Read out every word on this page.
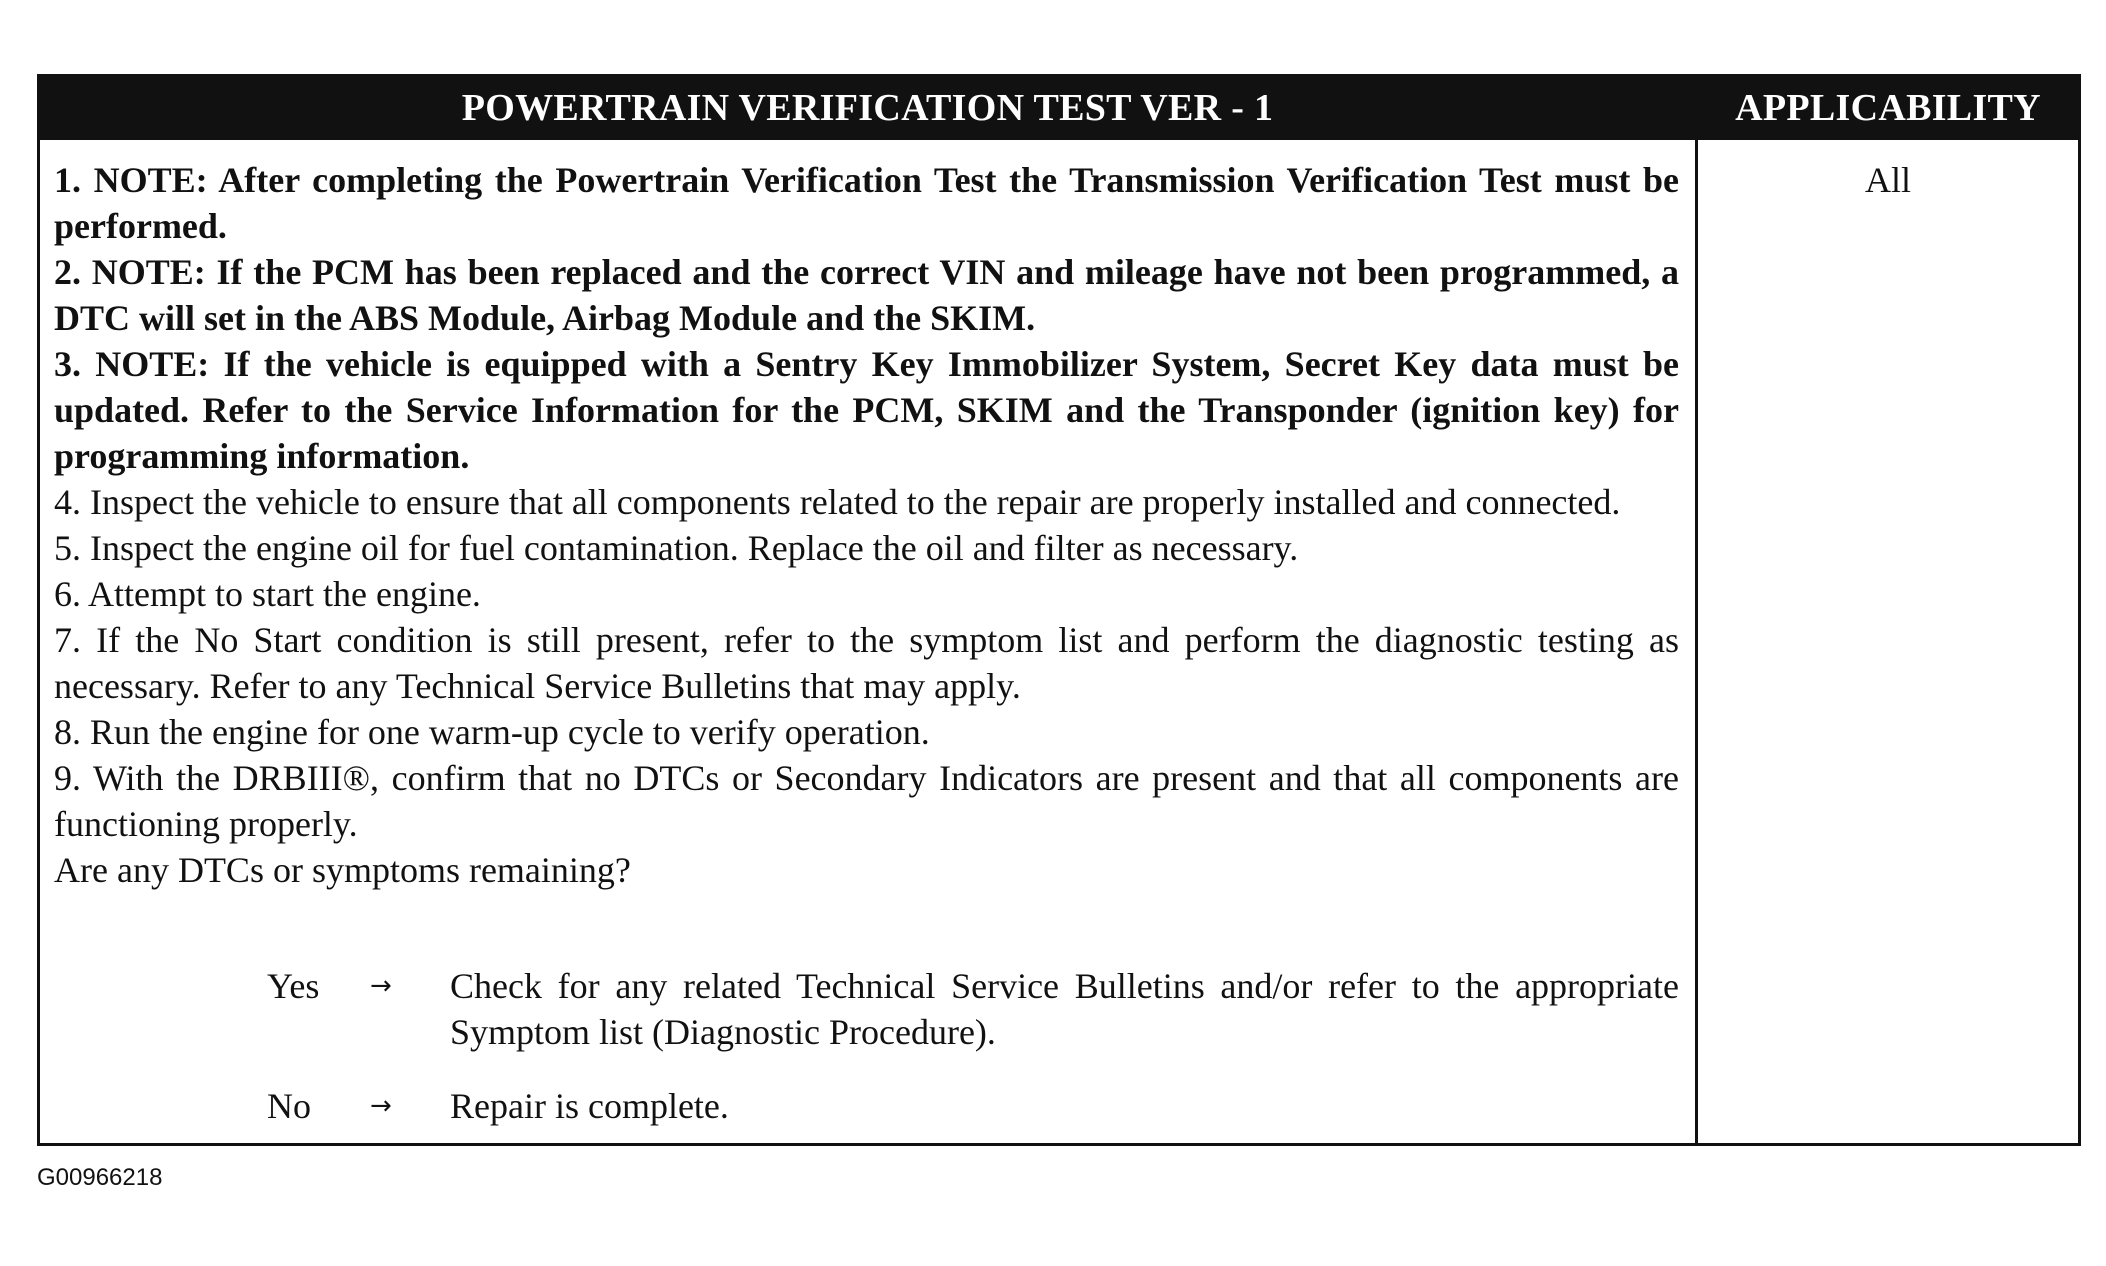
POWERTRAIN VERIFICATION TEST VER - 1	APPLICABILITY

1. NOTE: After completing the Powertrain Verification Test the Transmission Verification Test must be performed.

2. NOTE: If the PCM has been replaced and the correct VIN and mileage have not been programmed, a DTC will set in the ABS Module, Airbag Module and the SKIM.

3. NOTE: If the vehicle is equipped with a Sentry Key Immobilizer System, Secret Key data must be updated. Refer to the Service Information for the PCM, SKIM and the Transponder (ignition key) for programming information.

4. Inspect the vehicle to ensure that all components related to the repair are properly installed and connected.

5. Inspect the engine oil for fuel contamination. Replace the oil and filter as necessary.

6. Attempt to start the engine.

7. If the No Start condition is still present, refer to the symptom list and perform the diagnostic testing as necessary. Refer to any Technical Service Bulletins that may apply.

8. Run the engine for one warm-up cycle to verify operation.

9. With the DRBIII®, confirm that no DTCs or Secondary Indicators are present and that all components are functioning properly.

Are any DTCs or symptoms remaining?

Yes → Check for any related Technical Service Bulletins and/or refer to the appropriate Symptom list (Diagnostic Procedure).
No → Repair is complete.
All
G00966218
